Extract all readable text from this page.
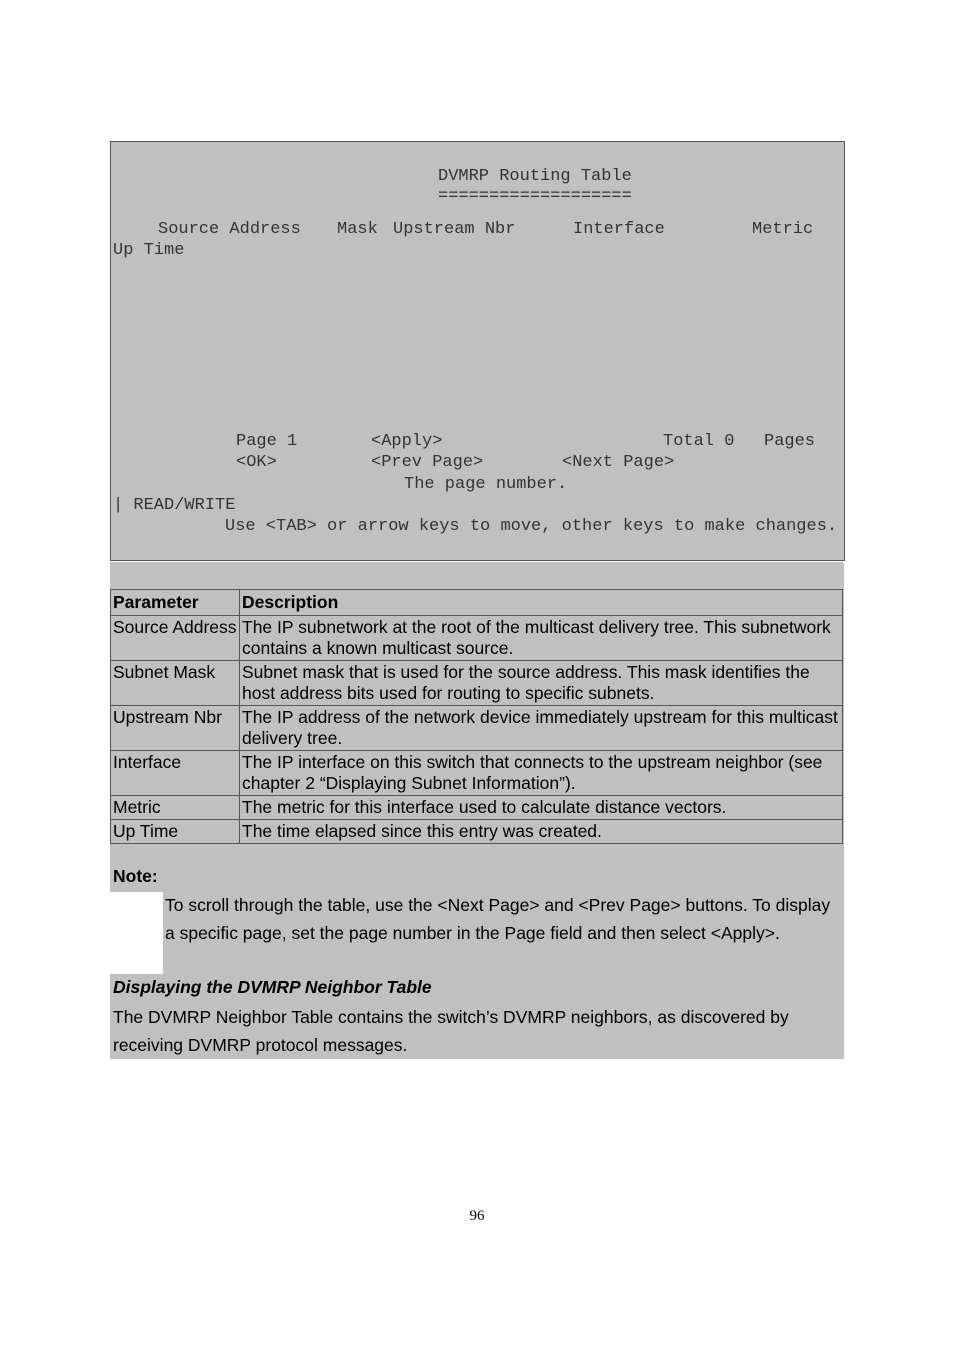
DVMRP Routing Table
===================
Source Address Mask Upstream Nbr	Interface	Metric
Up Time
Page 1	<Apply>	Total 0 Pages
<OK>	<Prev Page>	<Next Page>
The page number.
| READ/WRITE
Use <TAB> or arrow keys to move, other keys to make changes.
Parameter	Description
Source Address	The IP subnetwork at the root of the multicast delivery tree. This subnetwork contains a known multicast source.
Subnet Mask	Subnet mask that is used for the source address. This mask identifies the host address bits used for routing to specific subnets.
Upstream Nbr	The IP address of the network device immediately upstream for this multicast delivery tree.
Interface	The IP interface on this switch that connects to the upstream neighbor (see chapter 2 “Displaying Subnet Information”).
Metric	The metric for this interface used to calculate distance vectors.
Up Time	The time elapsed since this entry was created.
Note:
To scroll through the table, use the <Next Page> and <Prev Page> buttons. To display a specific page, set the page number in the Page field and then select <Apply>.
Displaying the DVMRP Neighbor Table
The DVMRP Neighbor Table contains the switch’s DVMRP neighbors, as discovered by receiving DVMRP protocol messages.
96
